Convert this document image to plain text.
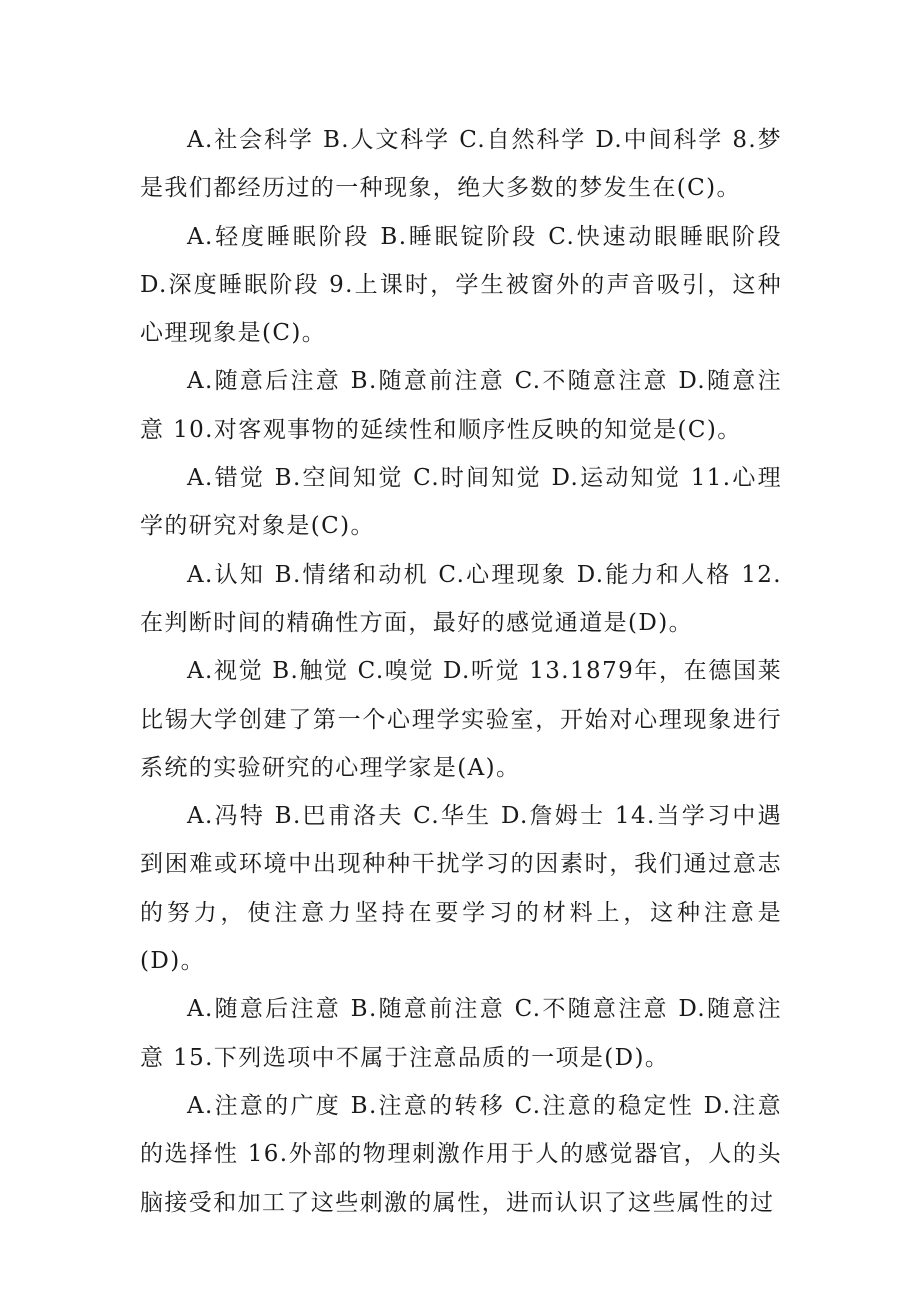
A.社会科学 B.人文科学 C.自然科学 D.中间科学 8.梦是我们都经历过的一种现象，绝大多数的梦发生在(C)。

A.轻度睡眠阶段 B.睡眠锭阶段 C.快速动眼睡眠阶段 D.深度睡眠阶段 9.上课时，学生被窗外的声音吸引，这种心理现象是(C)。

A.随意后注意 B.随意前注意 C.不随意注意 D.随意注意 10.对客观事物的延续性和顺序性反映的知觉是(C)。

A.错觉 B.空间知觉 C.时间知觉 D.运动知觉 11.心理学的研究对象是(C)。

A.认知 B.情绪和动机 C.心理现象 D.能力和人格 12.在判断时间的精确性方面，最好的感觉通道是(D)。

A.视觉 B.触觉 C.嗅觉 D.听觉 13.1879年，在德国莱比锡大学创建了第一个心理学实验室，开始对心理现象进行系统的实验研究的心理学家是(A)。

A.冯特 B.巴甫洛夫 C.华生 D.詹姆士 14.当学习中遇到困难或环境中出现种种干扰学习的因素时，我们通过意志的努力，使注意力坚持在要学习的材料上，这种注意是(D)。

A.随意后注意 B.随意前注意 C.不随意注意 D.随意注意 15.下列选项中不属于注意品质的一项是(D)。

A.注意的广度 B.注意的转移 C.注意的稳定性 D.注意的选择性 16.外部的物理刺激作用于人的感觉器官，人的头脑接受和加工了这些刺激的属性，进而认识了这些属性的过
